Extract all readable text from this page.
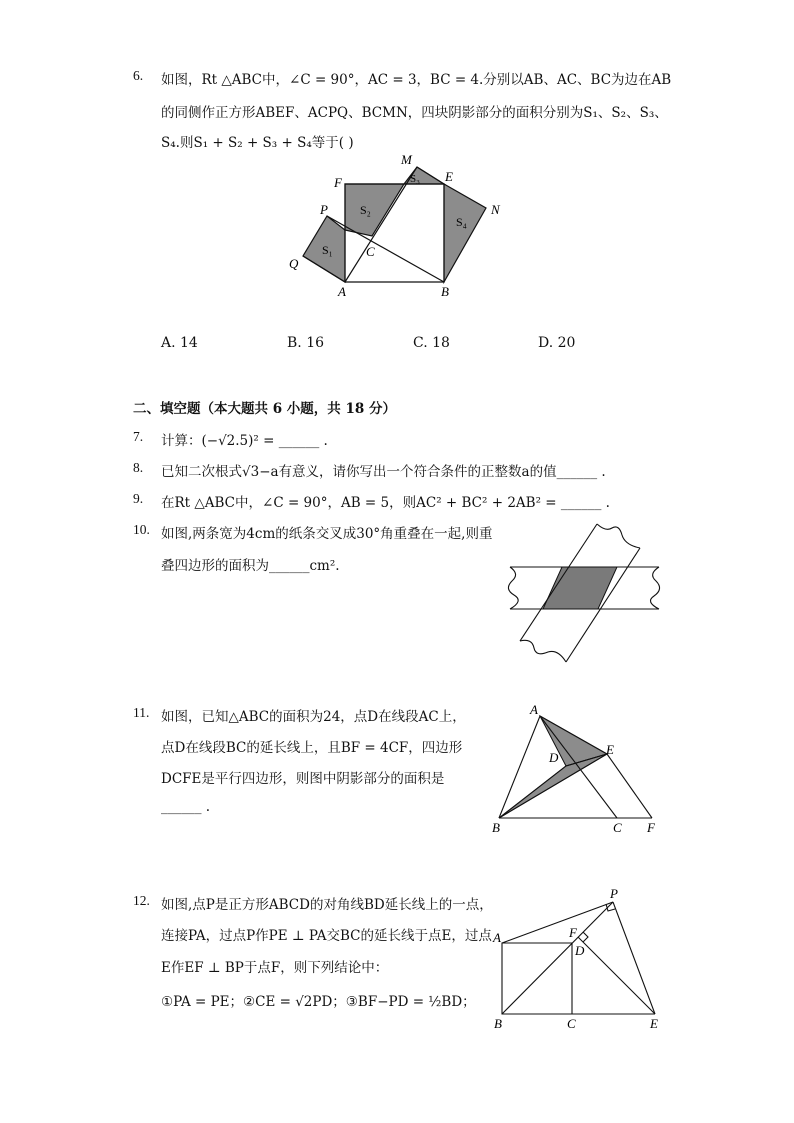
6. 如图，Rt △ABC中，∠C = 90°，AC = 3，BC = 4.分别以AB、AC、BC为边在AB
的同侧作正方形ABEF、ACPQ、BCMN，四块阴影部分的面积分别为S₁、S₂、S₃、
S₄.则S₁ + S₂ + S₃ + S₄等于( )
M
F	E
N
P
Q
C
A	B
S₁
S₂
S₃
S₄
A. 14	B. 16	C. 18	D. 20
二、填空题（本大题共 6 小题，共 18 分）
7. 计算：(−√2.5)² = ______ .
8. 已知二次根式√3−a有意义，请你写出一个符合条件的正整数a的值______ .
9. 在Rt △ABC中，∠C = 90°，AB = 5，则AC² + BC² + 2AB² = ______ .
10. 如图,两条宽为4cm的纸条交叉成30°角重叠在一起,则重
叠四边形的面积为______cm².
11. 如图，已知△ABC的面积为24，点D在线段AC上，
点D在线段BC的延长线上，且BF = 4CF，四边形
DCFE是平行四边形，则图中阴影部分的面积是
______ .
A
D
E
B	C F
12. 如图,点P是正方形ABCD的对角线BD延长线上的一点，
连接PA，过点P作PE ⊥ PA交BC的延长线于点E，过点
E作EF ⊥ BP于点F，则下列结论中：
①PA = PE；②CE = √2PD；③BF−PD = ½BD；
P
A	F
D
B	C	E
